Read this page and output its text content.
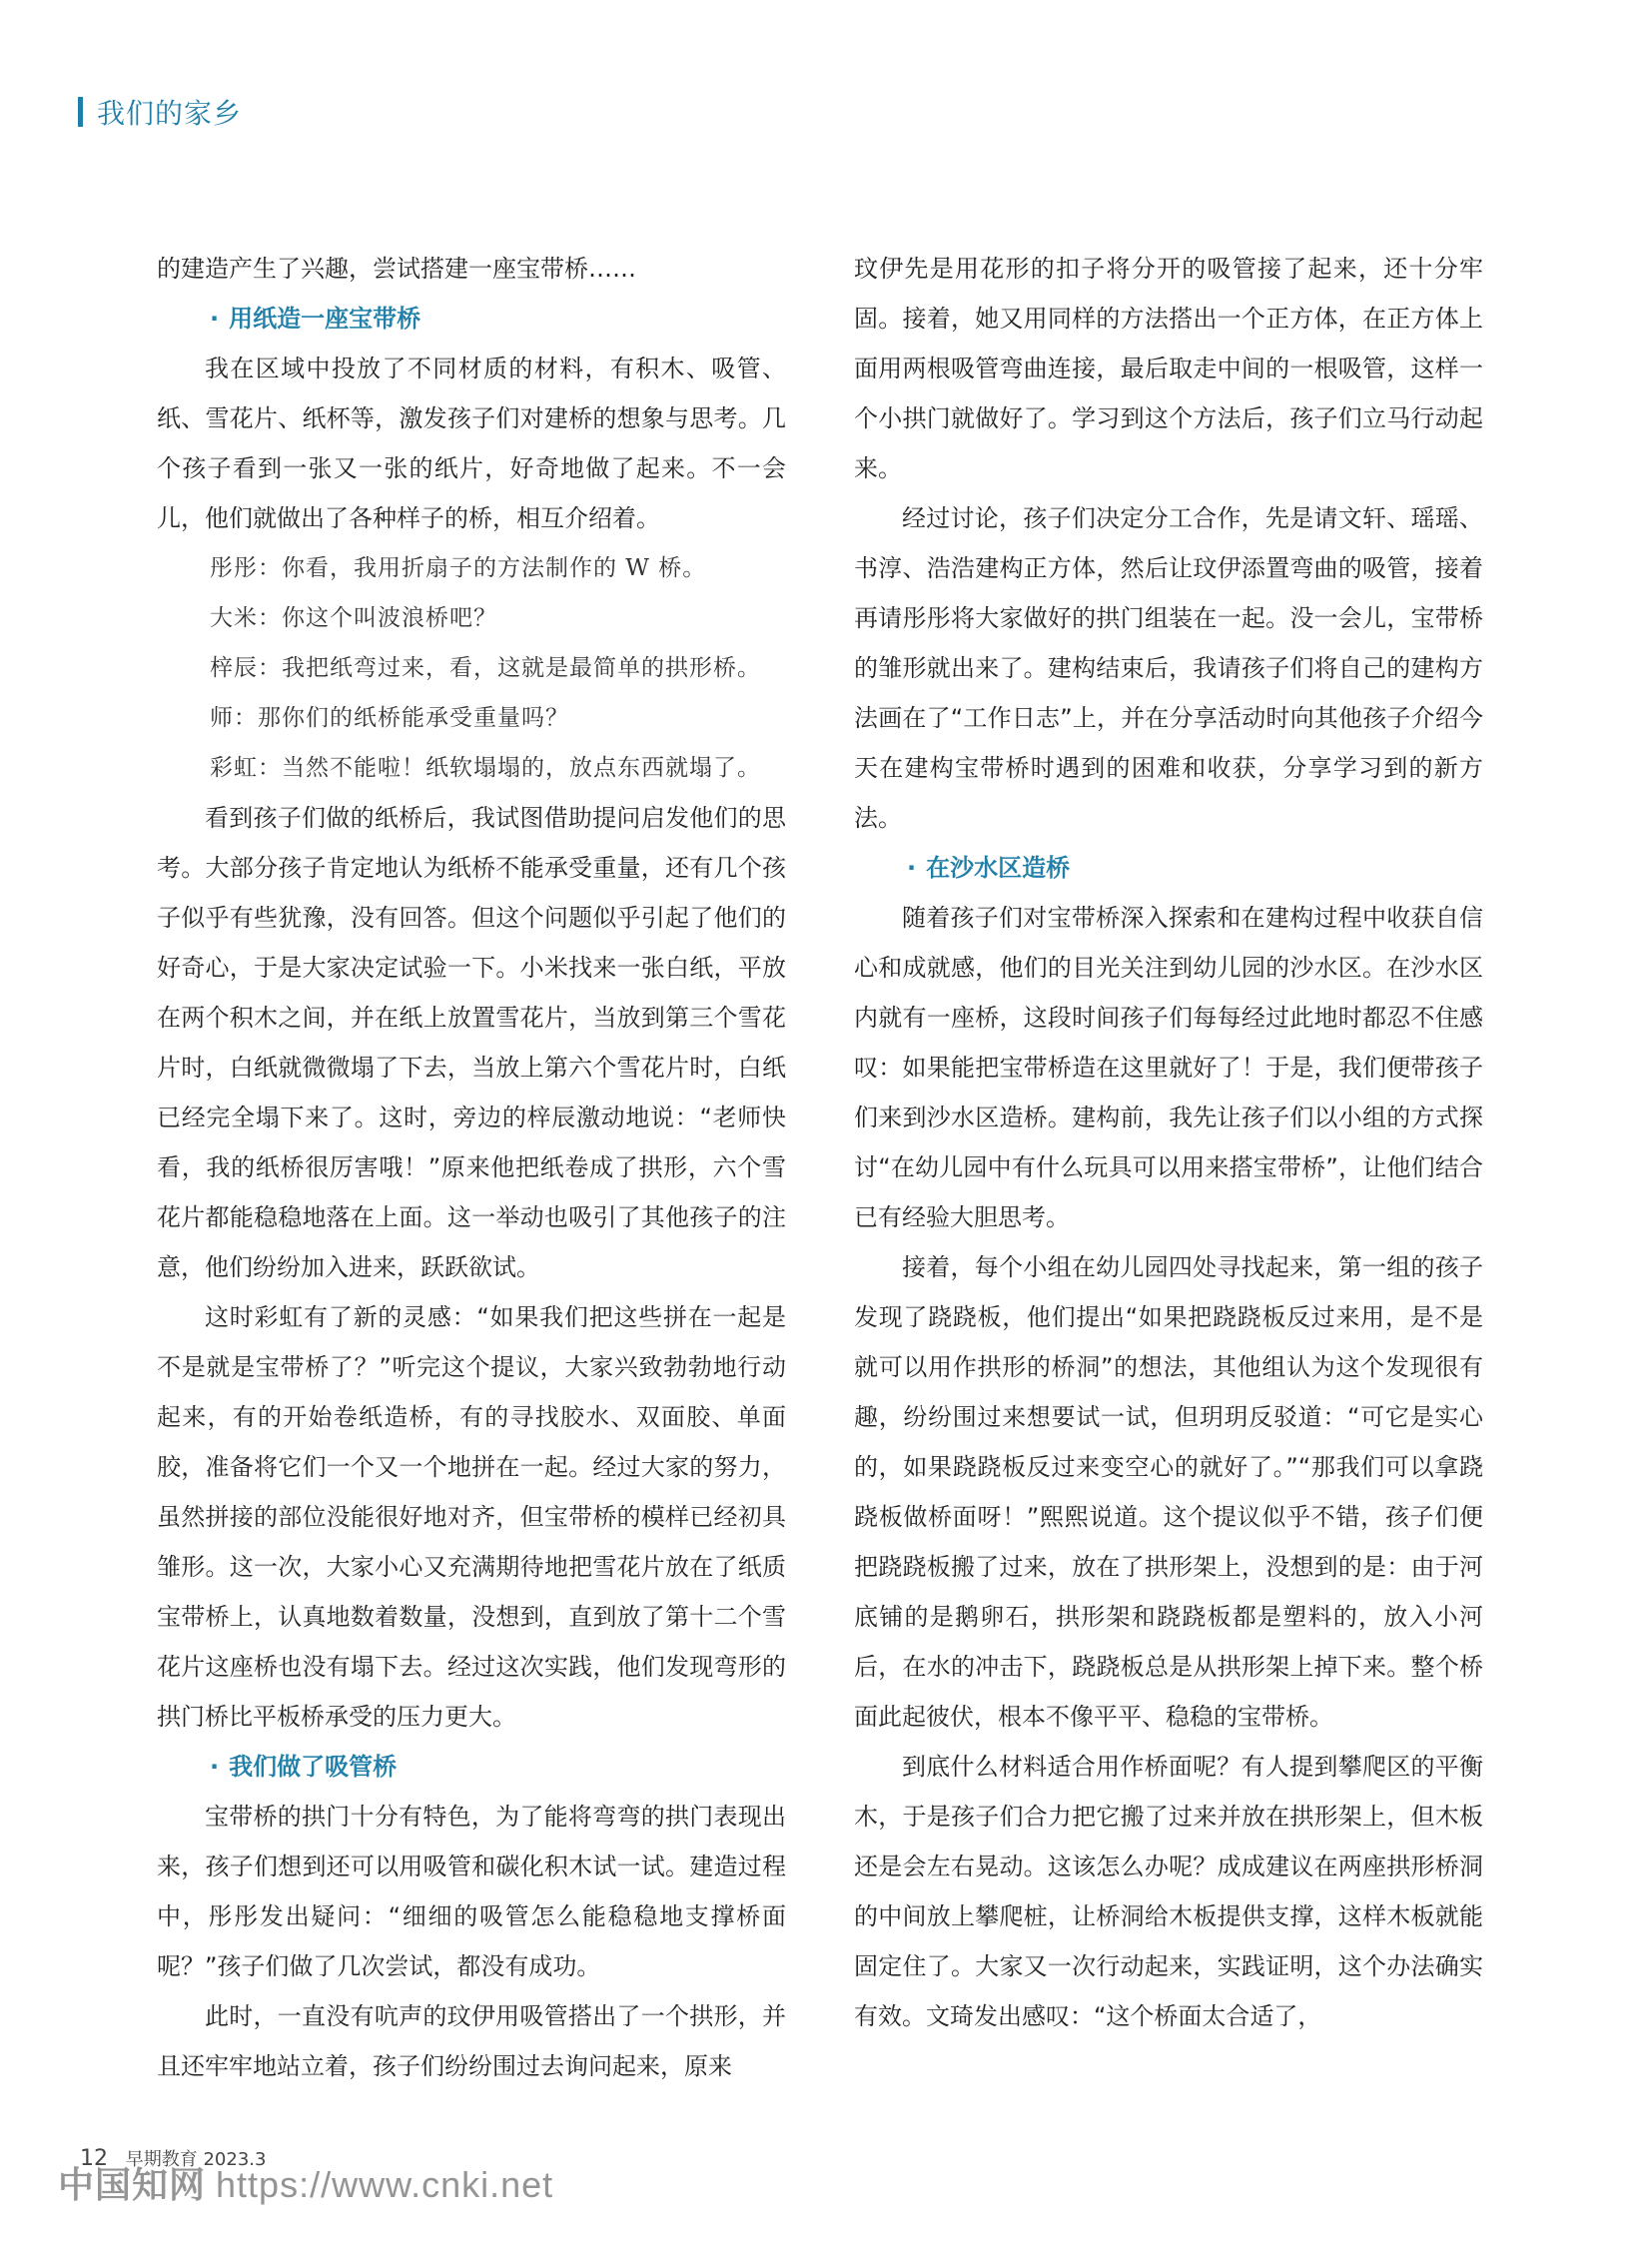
我们的家乡

的建造产生了兴趣，尝试搭建一座宝带桥……

· 用纸造一座宝带桥

我在区域中投放了不同材质的材料，有积木、吸管、纸、雪花片、纸杯等，激发孩子们对建桥的想象与思考。几个孩子看到一张又一张的纸片，好奇地做了起来。不一会儿，他们就做出了各种样子的桥，相互介绍着。

彤彤：你看，我用折扇子的方法制作的 W 桥。
大米：你这个叫波浪桥吧？
梓辰：我把纸弯过来，看，这就是最简单的拱形桥。
师：那你们的纸桥能承受重量吗？
彩虹：当然不能啦！纸软塌塌的，放点东西就塌了。

看到孩子们做的纸桥后，我试图借助提问启发他们的思考。大部分孩子肯定地认为纸桥不能承受重量，还有几个孩子似乎有些犹豫，没有回答。但这个问题似乎引起了他们的好奇心，于是大家决定试验一下。小米找来一张白纸，平放在两个积木之间，并在纸上放置雪花片，当放到第三个雪花片时，白纸就微微塌了下去，当放上第六个雪花片时，白纸已经完全塌下来了。这时，旁边的梓辰激动地说：“老师快看，我的纸桥很厉害哦！”原来他把纸卷成了拱形，六个雪花片都能稳稳地落在上面。这一举动也吸引了其他孩子的注意，他们纷纷加入进来，跃跃欲试。

这时彩虹有了新的灵感：“如果我们把这些拼在一起是不是就是宝带桥了？”听完这个提议，大家兴致勃勃地行动起来，有的开始卷纸造桥，有的寻找胶水、双面胶、单面胶，准备将它们一个又一个地拼在一起。经过大家的努力，虽然拼接的部位没能很好地对齐，但宝带桥的模样已经初具雏形。这一次，大家小心又充满期待地把雪花片放在了纸质宝带桥上，认真地数着数量，没想到，直到放了第十二个雪花片这座桥也没有塌下去。经过这次实践，他们发现弯形的拱门桥比平板桥承受的压力更大。

· 我们做了吸管桥

宝带桥的拱门十分有特色，为了能将弯弯的拱门表现出来，孩子们想到还可以用吸管和碳化积木试一试。建造过程中，彤彤发出疑问：“细细的吸管怎么能稳稳地支撑桥面呢？”孩子们做了几次尝试，都没有成功。

此时，一直没有吭声的玟伊用吸管搭出了一个拱形，并且还牢牢地站立着，孩子们纷纷围过去询问起来，原来

玟伊先是用花形的扣子将分开的吸管接了起来，还十分牢固。接着，她又用同样的方法搭出一个正方体，在正方体上面用两根吸管弯曲连接，最后取走中间的一根吸管，这样一个小拱门就做好了。学习到这个方法后，孩子们立马行动起来。

经过讨论，孩子们决定分工合作，先是请文轩、瑶瑶、书淳、浩浩建构正方体，然后让玟伊添置弯曲的吸管，接着再请彤彤将大家做好的拱门组装在一起。没一会儿，宝带桥的雏形就出来了。建构结束后，我请孩子们将自己的建构方法画在了“工作日志”上，并在分享活动时向其他孩子介绍今天在建构宝带桥时遇到的困难和收获，分享学习到的新方法。

· 在沙水区造桥

随着孩子们对宝带桥深入探索和在建构过程中收获自信心和成就感，他们的目光关注到幼儿园的沙水区。在沙水区内就有一座桥，这段时间孩子们每每经过此地时都忍不住感叹：如果能把宝带桥造在这里就好了！于是，我们便带孩子们来到沙水区造桥。建构前，我先让孩子们以小组的方式探讨“在幼儿园中有什么玩具可以用来搭宝带桥”，让他们结合已有经验大胆思考。

接着，每个小组在幼儿园四处寻找起来，第一组的孩子发现了跷跷板，他们提出“如果把跷跷板反过来用，是不是就可以用作拱形的桥洞”的想法，其他组认为这个发现很有趣，纷纷围过来想要试一试，但玥玥反驳道：“可它是实心的，如果跷跷板反过来变空心的就好了。”“那我们可以拿跷跷板做桥面呀！”熙熙说道。这个提议似乎不错，孩子们便把跷跷板搬了过来，放在了拱形架上，没想到的是：由于河底铺的是鹅卵石，拱形架和跷跷板都是塑料的，放入小河后，在水的冲击下，跷跷板总是从拱形架上掉下来。整个桥面此起彼伏，根本不像平平、稳稳的宝带桥。

到底什么材料适合用作桥面呢？有人提到攀爬区的平衡木，于是孩子们合力把它搬了过来并放在拱形架上，但木板还是会左右晃动。这该怎么办呢？成成建议在两座拱形桥洞的中间放上攀爬桩，让桥洞给木板提供支撑，这样木板就能固定住了。大家又一次行动起来，实践证明，这个办法确实有效。文琦发出感叹：“这个桥面太合适了，

12 早期教育 2023.3
中国知网 https://www.cnki.net
